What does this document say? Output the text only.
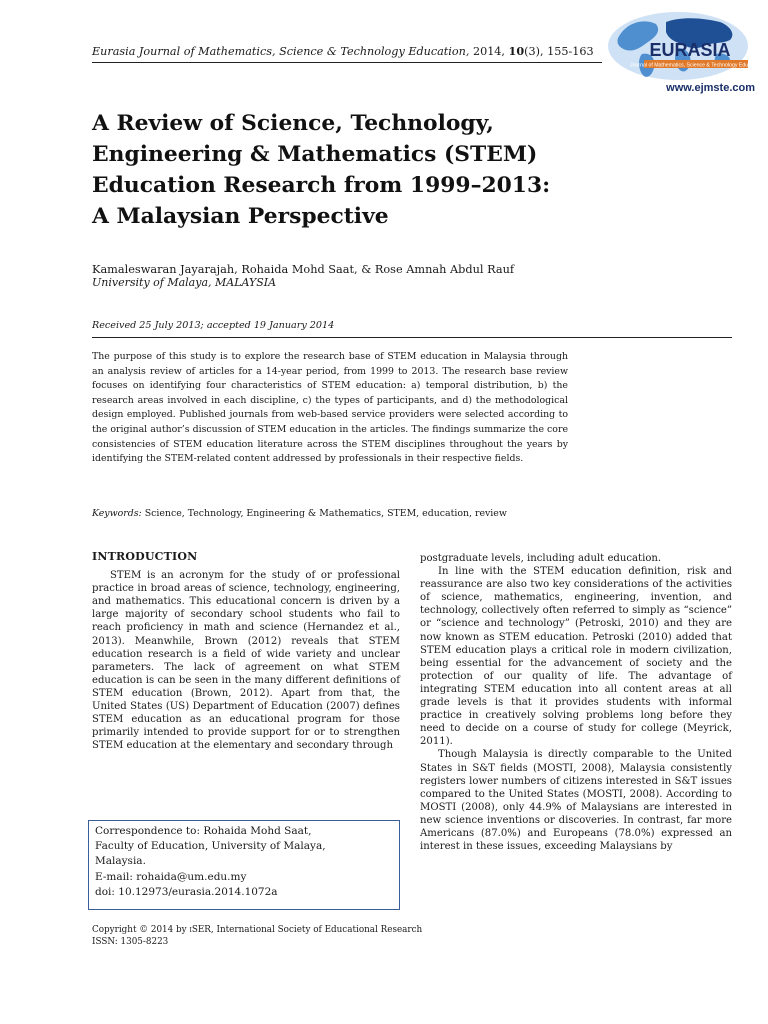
Eurasia Journal of Mathematics, Science & Technology Education, 2014, 10(3), 155-163	EURASIA
Journal of Mathematics, Science & Technology Education
www.ejmste.com
A Review of Science, Technology,
Engineering & Mathematics (STEM)
Education Research from 1999–2013:
A Malaysian Perspective
Kamaleswaran Jayarajah, Rohaida Mohd Saat, & Rose Amnah Abdul Rauf
University of Malaya, MALAYSIA
Received 25 July 2013; accepted 19 January 2014
The purpose of this study is to explore the research base of STEM education in Malaysia through an analysis review of articles for a 14-year period, from 1999 to 2013. The research base review focuses on identifying four characteristics of STEM education: a) temporal distribution, b) the research areas involved in each discipline, c) the types of participants, and d) the methodological design employed. Published journals from web-based service providers were selected according to the original author’s discussion of STEM education in the articles. The findings summarize the core consistencies of STEM education literature across the STEM disciplines throughout the years by identifying the STEM-related content addressed by professionals in their respective fields.
Keywords: Science, Technology, Engineering & Mathematics, STEM, education, review
INTRODUCTION

STEM is an acronym for the study of or professional practice in broad areas of science, technology, engineering, and mathematics. This educational concern is driven by a large majority of secondary school students who fail to reach proficiency in math and science (Hernandez et al., 2013). Meanwhile, Brown (2012) reveals that STEM education research is a field of wide variety and unclear parameters. The lack of agreement on what STEM education is can be seen in the many different definitions of STEM education (Brown, 2012). Apart from that, the United States (US) Department of Education (2007) defines STEM education as an educational program for those primarily intended to provide support for or to strengthen STEM education at the elementary and secondary through

postgraduate levels, including adult education.

In line with the STEM education definition, risk and reassurance are also two key considerations of the activities of science, mathematics, engineering, invention, and technology, collectively often referred to simply as “science” or “science and technology” (Petroski, 2010) and they are now known as STEM education. Petroski (2010) added that STEM education plays a critical role in modern civilization, being essential for the advancement of society and the protection of our quality of life. The advantage of integrating STEM education into all content areas at all grade levels is that it provides students with informal practice in creatively solving problems long before they need to decide on a course of study for college (Meyrick, 2011).

Though Malaysia is directly comparable to the United States in S&T fields (MOSTI, 2008), Malaysia consistently registers lower numbers of citizens interested in S&T issues compared to the United States (MOSTI, 2008). According to MOSTI (2008), only 44.9% of Malaysians are interested in new science inventions or discoveries. In contrast, far more Americans (87.0%) and Europeans (78.0%) expressed an interest in these issues, exceeding Malaysians by

Correspondence to: Rohaida Mohd Saat,
Faculty of Education, University of Malaya,
Malaysia.
E-mail: rohaida@um.edu.my
doi: 10.12973/eurasia.2014.1072a
Copyright © 2014 by iSER, International Society of Educational Research
ISSN: 1305-8223
